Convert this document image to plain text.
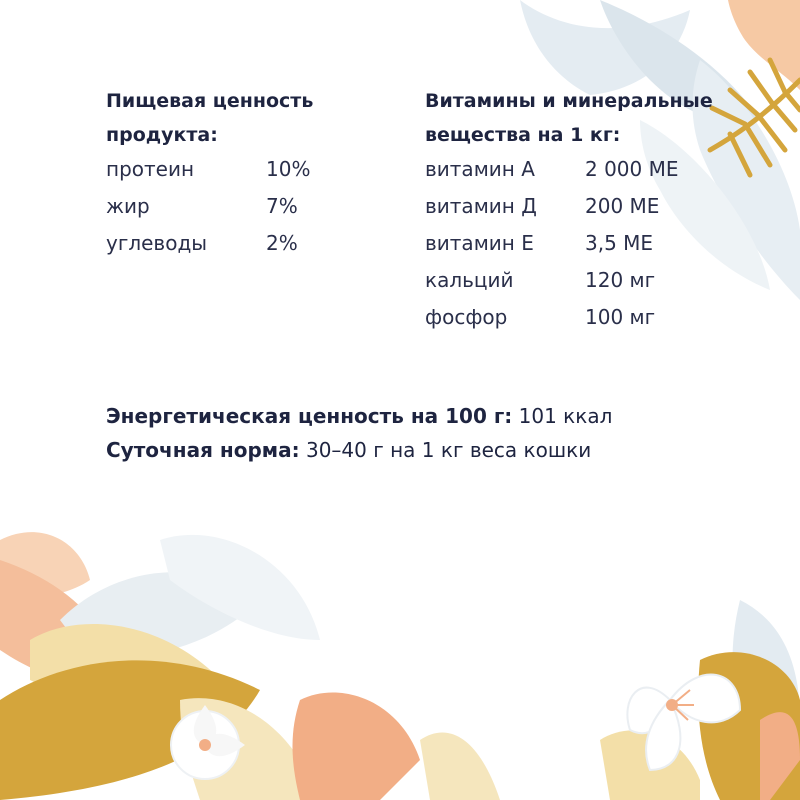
Пищевая ценность
продукта:
протеин	10%
жир	7%
углеводы	2%
Витамины и минеральные
вещества на 1 кг:
витамин А	2 000 МЕ
витамин Д 200 МЕ
витамин Е	3,5 МЕ
кальций	120 мг
фосфор	100 мг
Энергетическая ценность на 100 г: 101 ккал
Суточная норма: 30–40 г на 1 кг веса кошки
